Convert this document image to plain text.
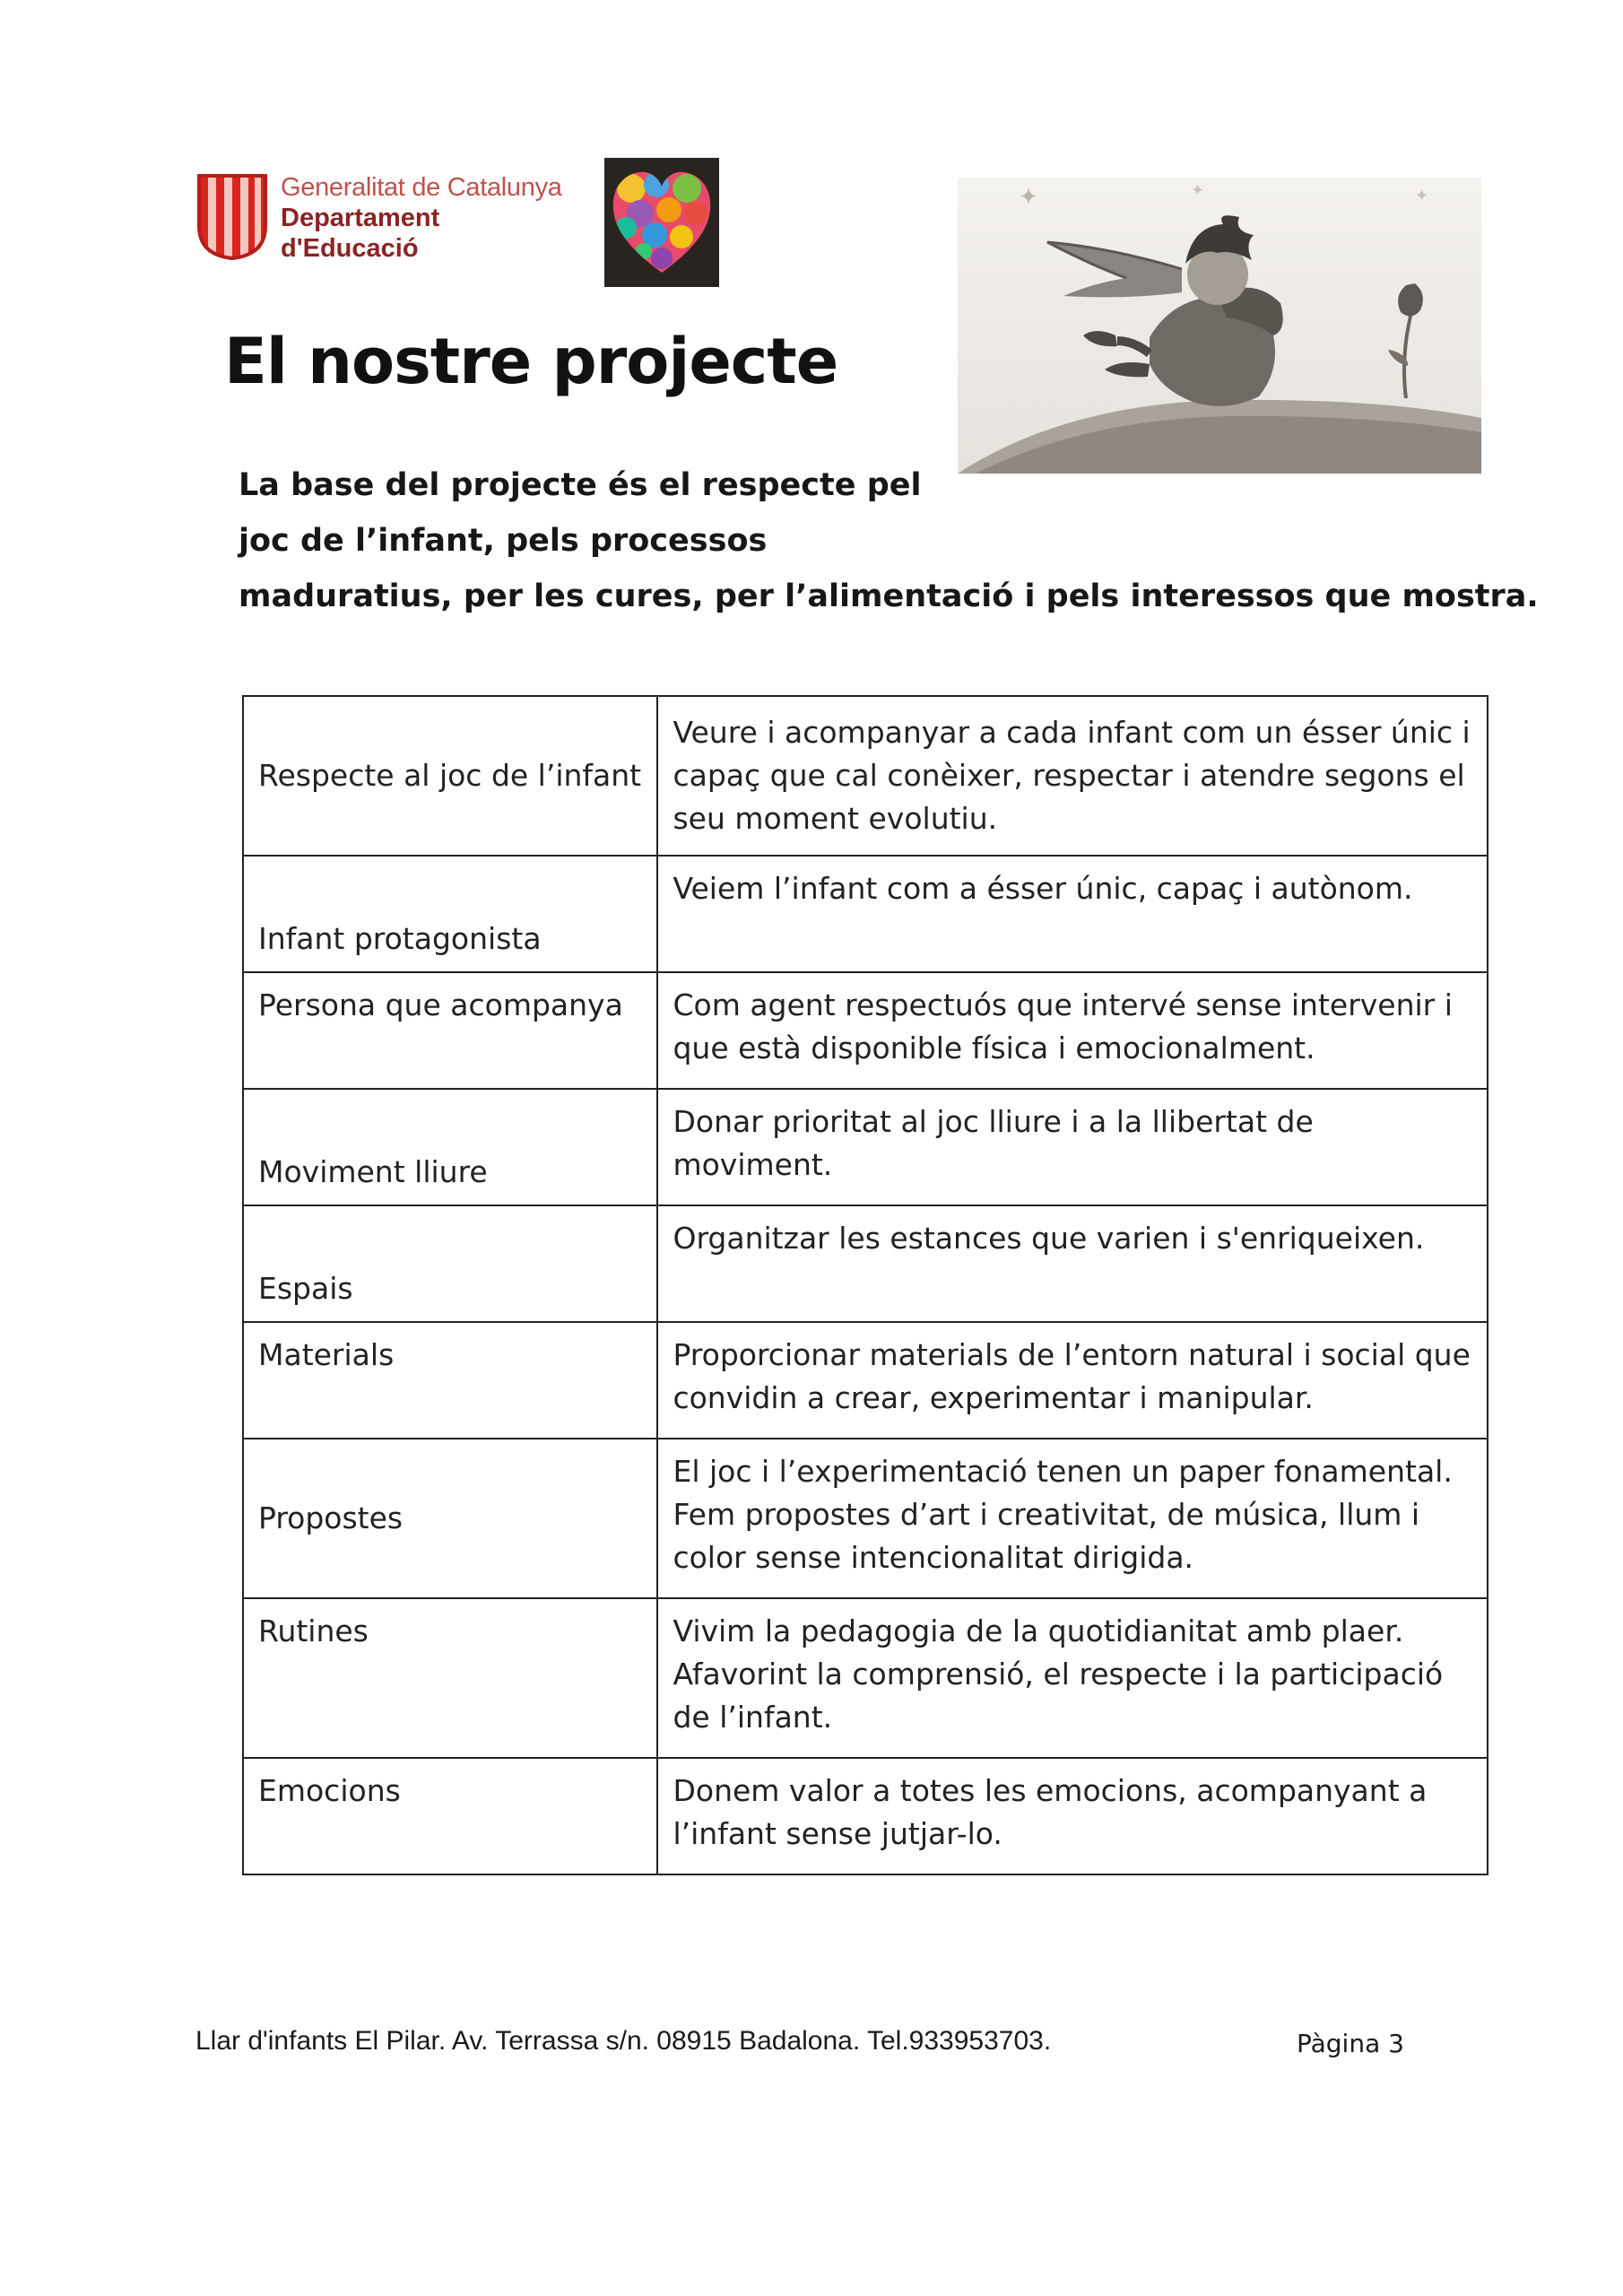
Generalitat de Catalunya
Departament
d'Educació
✦	✦	✦
El nostre projecte

La base del projecte és el respecte pel
joc de l’infant, pels processos
maduratius, per les cures, per l’alimentació i pels interessos que mostra.

Respecte al joc de l’infant	Veure i acompanyar a cada infant com un ésser únic i capaç que cal conèixer, respectar i atendre segons el seu moment evolutiu.
Infant protagonista	Veiem l’infant com a ésser únic, capaç i autònom.
Persona que acompanya	Com agent respectuós que intervé sense intervenir i que està disponible física i emocionalment.
Moviment lliure	Donar prioritat al joc lliure i a la llibertat de moviment.
Espais	Organitzar les estances que varien i s'enriqueixen.
Materials	Proporcionar materials de l’entorn natural i social que convidin a crear, experimentar i manipular.
Propostes	El joc i l’experimentació tenen un paper fonamental. Fem propostes d’art i creativitat, de música, llum i color sense intencionalitat dirigida.
Rutines	Vivim la pedagogia de la quotidianitat amb plaer. Afavorint la comprensió, el respecte i la participació de l’infant.
Emocions	Donem valor a totes les emocions, acompanyant a l’infant sense jutjar-lo.
Llar d'infants El Pilar. Av. Terrassa s/n. 08915 Badalona. Tel.933953703.	Pàgina 3
